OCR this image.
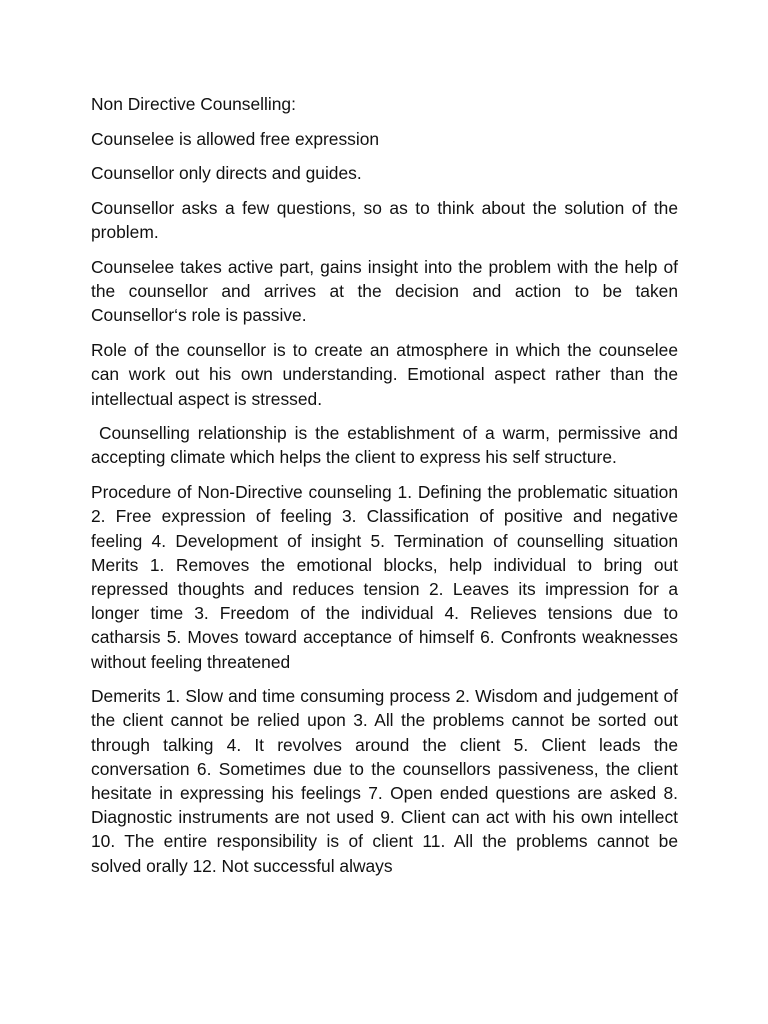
Non Directive Counselling:

Counselee is allowed free expression

Counsellor only directs and guides.

Counsellor asks a few questions, so as to think about the solution of the problem.

Counselee takes active part, gains insight into the problem with the help of the counsellor and arrives at the decision and action to be taken Counsellor‘s role is passive.

Role of the counsellor is to create an atmosphere in which the counselee can work out his own understanding. Emotional aspect rather than the intellectual aspect is stressed.

Counselling relationship is the establishment of a warm, permissive and accepting climate which helps the client to express his self structure.

Procedure of Non-Directive counseling 1. Defining the problematic situation 2. Free expression of feeling 3. Classification of positive and negative feeling 4. Development of insight 5. Termination of counselling situation Merits 1. Removes the emotional blocks, help individual to bring out repressed thoughts and reduces tension 2. Leaves its impression for a longer time 3. Freedom of the individual 4. Relieves tensions due to catharsis 5. Moves toward acceptance of himself 6. Confronts weaknesses without feeling threatened

Demerits 1. Slow and time consuming process 2. Wisdom and judgement of the client cannot be relied upon 3. All the problems cannot be sorted out through talking 4. It revolves around the client 5. Client leads the conversation 6. Sometimes due to the counsellors passiveness, the client hesitate in expressing his feelings 7. Open ended questions are asked 8. Diagnostic instruments are not used 9. Client can act with his own intellect 10. The entire responsibility is of client 11. All the problems cannot be solved orally 12. Not successful always
